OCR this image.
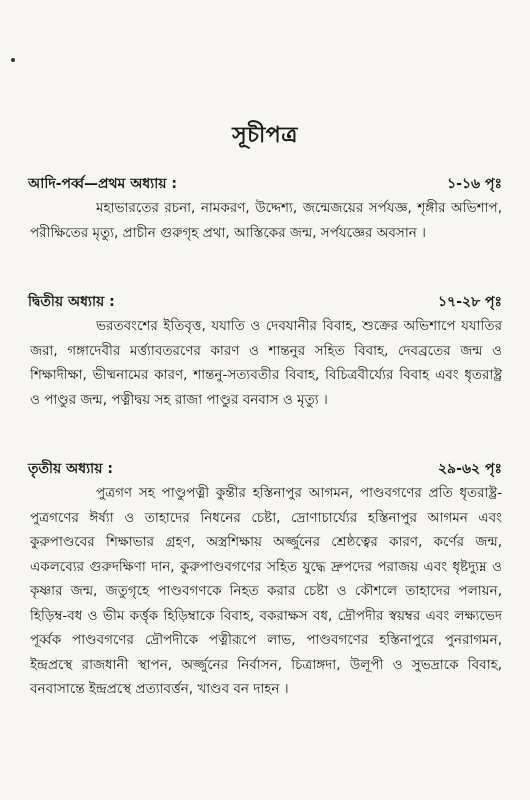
সূচীপত্র
আদি-পর্ব্ব—প্রথম অধ্যায় :	১-১৬ পৃঃ
মহাভারতের রচনা, নামকরণ, উদ্দেশ্য, জন্মেজয়ের সর্পযজ্ঞ, শৃঙ্গীর অভিশাপ, পরীক্ষিতের মৃত্যু, প্রাচীন গুরুগৃহ প্রথা, আস্তিকের জন্ম, সর্পযজ্ঞের অবসান ।
দ্বিতীয় অধ্যায় :	১৭-২৮ পৃঃ
ভরতবংশের ইতিবৃত্ত, যযাতি ও দেবযানীর বিবাহ, শুক্রের অভিশাপে যযাতির জরা, গঙ্গাদেবীর মর্ত্ত্যাবতরণের কারণ ও শান্তনুর সহিত বিবাহ, দেবব্রতের জন্ম ও শিক্ষাদীক্ষা, ভীষ্মনামের কারণ, শান্তনু-সত্যবতীর বিবাহ, বিচিত্রবীর্য্যের বিবাহ এবং ধৃতরাষ্ট্র ও পাণ্ডুর জন্ম, পত্নীদ্বয় সহ রাজা পাণ্ডুর বনবাস ও মৃত্যু ।
তৃতীয় অধ্যায় :	২৯-৬২ পৃঃ
পুত্রগণ সহ পাণ্ডুপত্নী কুন্তীর হস্তিনাপুর আগমন, পাণ্ডবগণের প্রতি ধৃতরাষ্ট্র-পুত্রগণের ঈর্ষ্যা ও তাহাদের নিধনের চেষ্টা, দ্রোণাচার্য্যের হস্তিনাপুর আগমন এবং কুরুপাণ্ডবের শিক্ষাভার গ্রহণ, অস্ত্রশিক্ষায় অর্জ্জুনের শ্রেষ্ঠত্বের কারণ, কর্ণের জন্ম, একলব্যের গুরুদক্ষিণা দান, কুরুপাণ্ডবগণের সহিত যুদ্ধে দ্রুপদের পরাজয় এবং ধৃষ্টদ্যুম্ন ও কৃষ্ণার জন্ম, জতুগৃহে পাণ্ডবগণকে নিহত করার চেষ্টা ও কৌশলে তাহাদের পলায়ন, হিড়িম্ব-বধ ও ভীম কর্ত্তৃক হিড়িম্বাকে বিবাহ, বকরাক্ষস বধ, দ্রৌপদীর স্বয়ম্বর এবং লক্ষ্যভেদ পূর্ব্বক পাণ্ডবগণের দ্রৌপদীকে পত্নীরূপে লাভ, পাণ্ডবগণের হস্তিনাপুরে পুনরাগমন, ইন্দ্রপ্রস্থে রাজধানী স্থাপন, অর্জ্জুনের নির্বাসন, চিত্রাঙ্গদা, উলূপী ও সুভদ্রাকে বিবাহ, বনবাসান্তে ইন্দ্রপ্রস্থে প্রত্যাবর্ত্তন, খাণ্ডব বন দাহন ।
